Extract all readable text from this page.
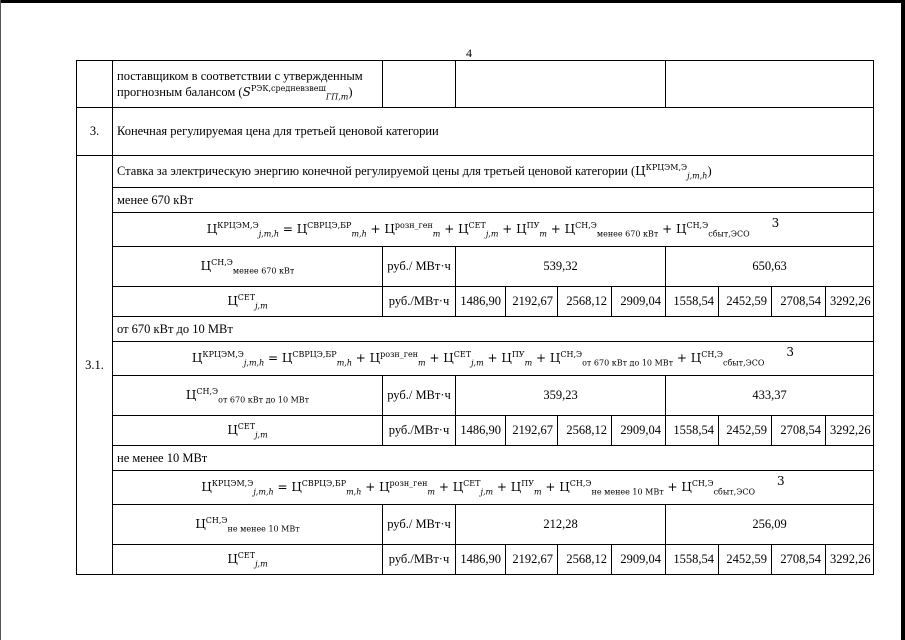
4
	поставщиком в соответствии с утвержденным прогнозным балансом $(S^{РЭК,средневзвеш}_{ГП,m})$									
3.	Конечная регулируемая цена для третьей ценовой категории									
3.1.	Ставка за электрическую энергию конечной регулируемой цены для третьей ценовой категории $(Ц^{КРЦЭМ,Э}_{j,m,h})$									
	менее 670 кВт									
	$Ц^{КРЦЭМ,Э}_{j,m,h} = Ц^{СВРЦЭ,БР}_{m,h} + Ц^{розн\_ген}_m + Ц^{СЕТ}_{j,m} + Ц^{ПУ}_m + Ц^{СН,Э}_{менее 670 кВт} + Ц^{СН,Э}_{сбыт,ЭСО}3$									
	$Ц^{СН,Э}_{менее 670 кВт}$	руб./ МВт·ч	539,32				650,63			
	$Ц^{СЕТ}_{j,m}$	руб./МВт·ч	1486,90	2192,67	2568,12	2909,04	1558,54	2452,59	2708,54	3292,26
	от 670 кВт до 10 МВт									
	$Ц^{КРЦЭМ,Э}_{j,m,h} = Ц^{СВРЦЭ,БР}_{m,h} + Ц^{розн\_ген}_m + Ц^{СЕТ}_{j,m} + Ц^{ПУ}_m + Ц^{СН,Э}_{от 670 кВт до 10 МВт} + Ц^{СН,Э}_{сбыт,ЭСО}3$									
	$Ц^{СН,Э}_{от 670 кВт до 10 МВт}$	руб./ МВт·ч	359,23				433,37			
	$Ц^{СЕТ}_{j,m}$	руб./МВт·ч	1486,90	2192,67	2568,12	2909,04	1558,54	2452,59	2708,54	3292,26
	не менее 10 МВт									
	$Ц^{КРЦЭМ,Э}_{j,m,h} = Ц^{СВРЦЭ,БР}_{m,h} + Ц^{розн\_ген}_m + Ц^{СЕТ}_{j,m} + Ц^{ПУ}_m + Ц^{СН,Э}_{не менее 10 МВт} + Ц^{СН,Э}_{сбыт,ЭСО}3$									
	$Ц^{СН,Э}_{не менее 10 МВт}$	руб./ МВт·ч	212,28				256,09			
	$Ц^{СЕТ}_{j,m}$	руб./МВт·ч	1486,90	2192,67	2568,12	2909,04	1558,54	2452,59	2708,54	3292,26
